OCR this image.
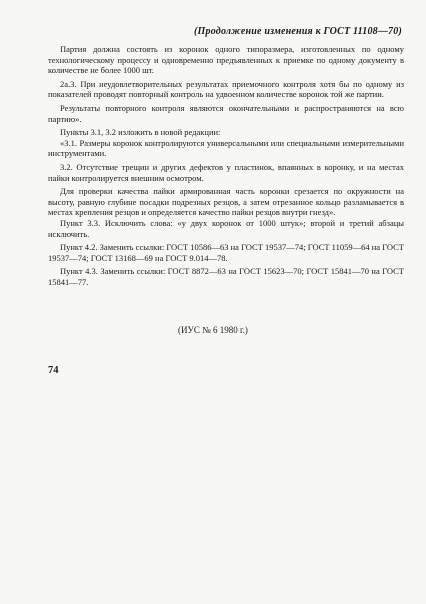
(Продолжение изменения к ГОСТ 11108—70)

Партия должна состоять из коронок одного типоразмера, изготовленных по одному технологическому процессу и одновременно предъявленных к приемке по одному документу в количестве не более 1000 шт.

2а.3. При неудовлетворительных результатах приемочного контроля хотя бы по одному из показателей проводят повторный контроль на удвоенном количестве коронок той же партии.

Результаты повторного контроля являются окончательными и распространяются на всю партию».

Пункты 3.1, 3.2 изложить в новой редакции:

«3.1. Размеры коронок контролируются универсальными или специальными измерительными инструментами.

3.2. Отсутствие трещин и других дефектов у пластинок, впаянных в коронку, и на местах пайки контролируется внешним осмотром.

Для проверки качества пайки армированная часть коронки срезается по окружности на высоту, равную глубине посадки подрезных резцов, а затем отрезанное кольцо разламывается в местах крепления резцов и определяется качество пайки резцов внутри гнезд».

Пункт 3.3. Исключить слова: «у двух коронок от 1000 штук»; второй и третий абзацы исключить.

Пункт 4.2. Заменить ссылки: ГОСТ 10586—63 на ГОСТ 19537—74; ГОСТ 11059—64 на ГОСТ 19537—74; ГОСТ 13168—69 на ГОСТ 9.014—78.

Пункт 4.3. Заменить ссылки: ГОСТ 8872—63 на ГОСТ 15623—70; ГОСТ 15841—70 на ГОСТ 15841—77.

(ИУС № 6 1980 г.)
74
